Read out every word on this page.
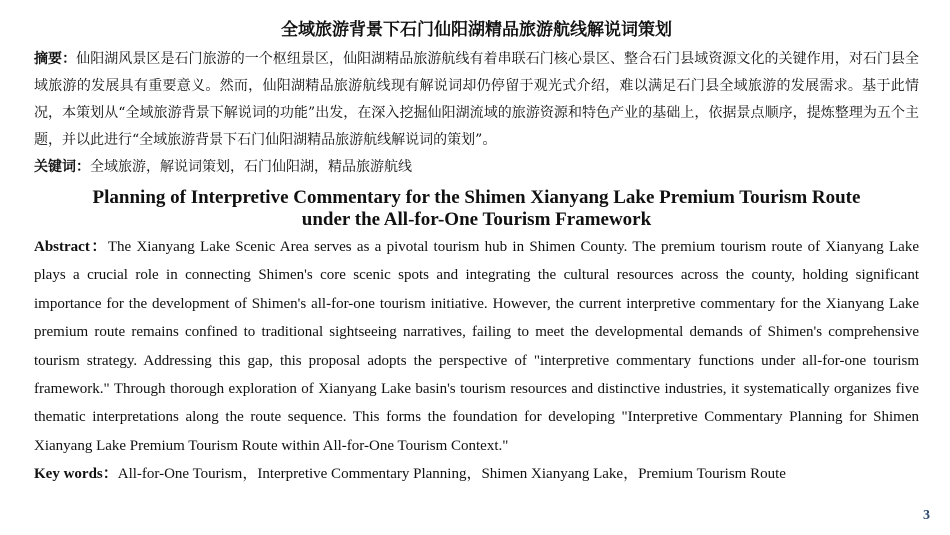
全域旅游背景下石门仙阳湖精品旅游航线解说词策划

摘要：仙阳湖风景区是石门旅游的一个枢纽景区，仙阳湖精品旅游航线有着串联石门核心景区、整合石门县域资源文化的关键作用，对石门县全域旅游的发展具有重要意义。然而，仙阳湖精品旅游航线现有解说词却仍停留于观光式介绍，难以满足石门县全域旅游的发展需求。基于此情况，本策划从“全域旅游背景下解说词的功能”出发，在深入挖掘仙阳湖流域的旅游资源和特色产业的基础上，依据景点顺序，提炼整理为五个主题，并以此进行“全域旅游背景下石门仙阳湖精品旅游航线解说词的策划”。

关键词：全域旅游，解说词策划，石门仙阳湖，精品旅游航线

Planning of Interpretive Commentary for the Shimen Xianyang Lake Premium Tourism Route
under the All-for-One Tourism Framework

Abstract：The Xianyang Lake Scenic Area serves as a pivotal tourism hub in Shimen County. The premium tourism route of Xianyang Lake plays a crucial role in connecting Shimen's core scenic spots and integrating the cultural resources across the county, holding significant importance for the development of Shimen's all-for-one tourism initiative. However, the current interpretive commentary for the Xianyang Lake premium route remains confined to traditional sightseeing narratives, failing to meet the developmental demands of Shimen's comprehensive tourism strategy. Addressing this gap, this proposal adopts the perspective of "interpretive commentary functions under all-for-one tourism framework." Through thorough exploration of Xianyang Lake basin's tourism resources and distinctive industries, it systematically organizes five thematic interpretations along the route sequence. This forms the foundation for developing "Interpretive Commentary Planning for Shimen Xianyang Lake Premium Tourism Route within All-for-One Tourism Context."

Key words：All-for-One Tourism，Interpretive Commentary Planning，Shimen Xianyang Lake，Premium Tourism Route

3
